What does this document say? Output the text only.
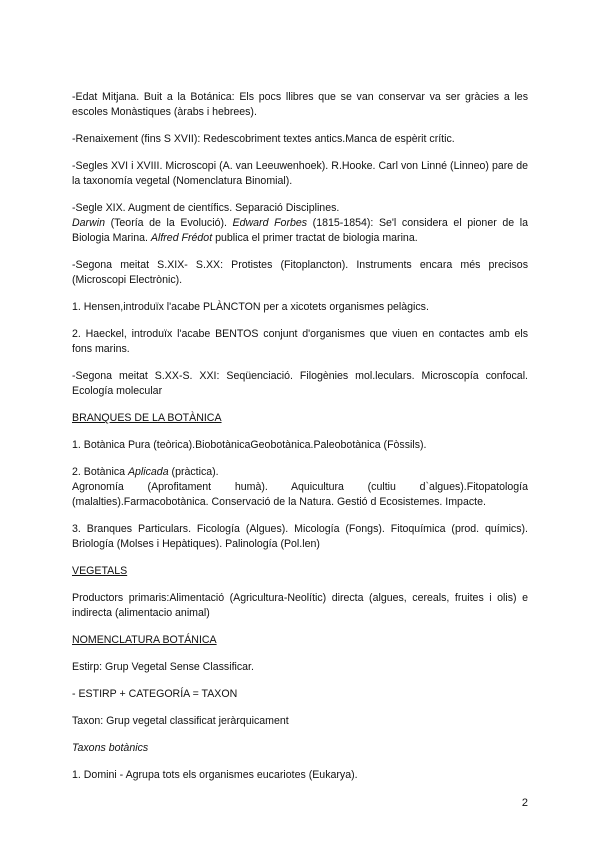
-Edat Mitjana. Buit a la Botánica: Els pocs llibres que se van conservar va ser gràcies a les escoles Monàstiques (àrabs i hebrees).

-Renaixement (fins S XVII): Redescobriment textes antics.Manca de espèrit crític.

-Segles XVI i XVIII. Microscopi (A. van Leeuwenhoek). R.Hooke. Carl von Linné (Linneo) pare de la taxonomía vegetal (Nomenclatura Binomial).

-Segle XIX. Augment de científics. Separació Disciplines.
Darwin (Teoría de la Evolució). Edward Forbes (1815-1854): Se'l considera el pioner de la Biologia Marina. Alfred Frédot publica el primer tractat de biologia marina.

-Segona meitat S.XIX- S.XX: Protistes (Fitoplancton). Instruments encara més precisos (Microscopi Electrònic).

1. Hensen,introduïx l'acabe PLÀNCTON per a xicotets organismes pelàgics.

2. Haeckel, introduïx l'acabe BENTOS conjunt d'organismes que viuen en contactes amb els fons marins.

-Segona meitat S.XX-S. XXI: Seqüenciació. Filogènies mol.leculars. Microscopía confocal. Ecología molecular

BRANQUES DE LA BOTÀNICA

1. Botànica Pura (teòrica).BiobotànicaGeobotànica.Paleobotànica (Fòssils).

2. Botànica Aplicada (pràctica).

Agronomía (Aprofitament humà). Aquicultura (cultiu d`algues).Fitopatología
(malalties).Farmacobotànica. Conservació de la Natura. Gestió d Ecosistemes. Impacte.

3. Branques Particulars. Ficología (Algues). Micología (Fongs). Fitoquímica (prod. químics). Briología (Molses i Hepàtiques). Palinología (Pol.len)

VEGETALS

Productors primaris:Alimentació (Agricultura-Neolític) directa (algues, cereals, fruites i olis) e indirecta (alimentacio animal)

NOMENCLATURA BOTÁNICA

Estirp: Grup Vegetal Sense Classificar.

- ESTIRP + CATEGORÍA = TAXON

Taxon: Grup vegetal classificat jeràrquicament

Taxons botànics

1. Domini - Agrupa tots els organismes eucariotes (Eukarya).

2
